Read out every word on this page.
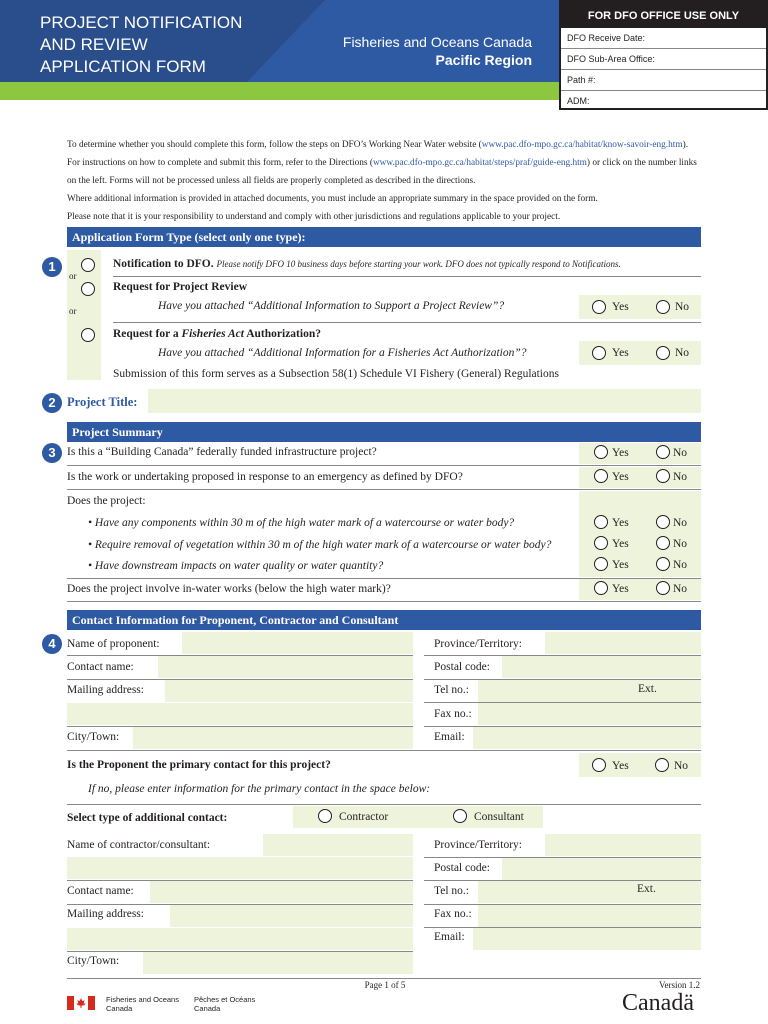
PROJECT NOTIFICATION
AND REVIEW
APPLICATION FORM
Fisheries and Oceans Canada
Pacific Region
FOR DFO OFFICE USE ONLY
DFO Receive Date:
DFO Sub-Area Office:
Path #:
ADM:
To determine whether you should complete this form, follow the steps on DFO’s Working Near Water website (www.pac.dfo-mpo.gc.ca/habitat/know-savoir-eng.htm). For instructions on how to complete and submit this form, refer to the Directions (www.pac.dfo-mpo.gc.ca/habitat/steps/praf/guide-eng.htm) or click on the number links on the left. Forms will not be processed unless all fields are properly completed as described in the directions.
Where additional information is provided in attached documents, you must include an appropriate summary in the space provided on the form.
Please note that it is your responsibility to understand and comply with other jurisdictions and regulations applicable to your project.
Application Form Type (select only one type):
1
or
or
Notification to DFO. Please notify DFO 10 business days before starting your work. DFO does not typically respond to Notifications.
Request for Project Review
Have you attached “Additional Information to Support a Project Review”?	Yes	No
Request for a Fisheries Act Authorization?
Have you attached “Additional Information for a Fisheries Act Authorization”?	Yes	No
Submission of this form serves as a Subsection 58(1) Schedule VI Fishery (General) Regulations
2 Project Title:
Project Summary
3 Is this a “Building Canada” federally funded infrastructure project?	Yes	No
Is the work or undertaking proposed in response to an emergency as defined by DFO?	Yes	No
Does the project:
• Have any components within 30 m of the high water mark of a watercourse or water body?	Yes	No
• Require removal of vegetation within 30 m of the high water mark of a watercourse or water body?	Yes	No
• Have downstream impacts on water quality or water quantity?	Yes	No
Does the project involve in-water works (below the high water mark)?	Yes	No
Contact Information for Proponent, Contractor and Consultant
4 Name of proponent:
Contact name:
Mailing address:
City/Town:
Province/Territory:
Postal code:
Tel no.:	Ext.
Fax no.:
Email:
Is the Proponent the primary contact for this project?	Yes	No
If no, please enter information for the primary contact in the space below:
Select type of additional contact:	Contractor	Consultant
Name of contractor/consultant:
Contact name:
Mailing address:
City/Town:
Province/Territory:
Postal code:
Tel no.:	Ext.
Fax no.:
Email:
Page 1 of 5	Version 1.2
Fisheries and Oceans
Canada
Pêches et Océans
Canada	Canadä
